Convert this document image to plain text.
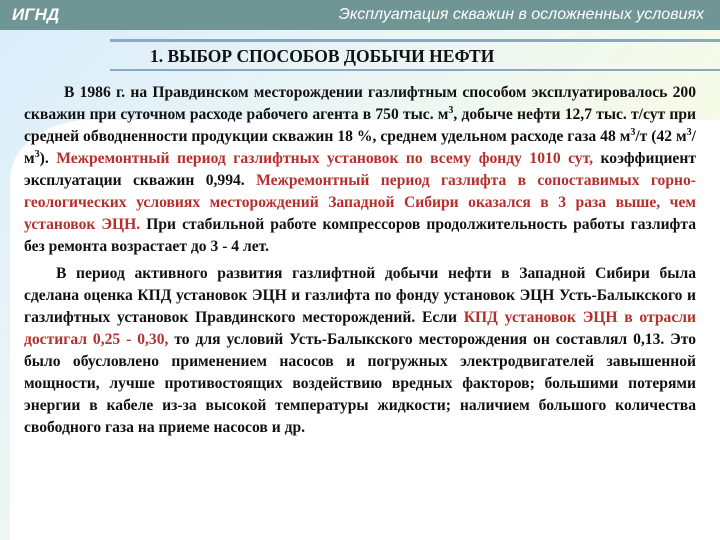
ИГНД	Эксплуатация скважин в осложненных условиях
1. ВЫБОР СПОСОБОВ ДОБЫЧИ НЕФТИ

В 1986 г. на Правдинском месторождении газлифтным способом эксплуатировалось 200 скважин при суточном расходе рабочего агента в 750 тыс. $м^3$, добыче нефти 12,7 тыс. т/сут при средней обводненности продукции скважин 18 %, среднем удельном расходе газа 48 $м^3/т$ (42 $м^3/м^3$). Межремонтный период газлифтных установок по всему фонду 1010 сут, коэффициент эксплуатации скважин 0,994. Межремонтный период газлифта в сопоставимых горно-геологических условиях месторождений Западной Сибири оказался в 3 раза выше, чем установок ЭЦН. При стабильной работе компрессоров продолжительность работы газлифта без ремонта возрастает до 3 - 4 лет.

В период активного развития газлифтной добычи нефти в Западной Сибири была сделана оценка КПД установок ЭЦН и газлифта по фонду установок ЭЦН Усть-Балыкского и газлифтных установок Правдинского месторождений. Если КПД установок ЭЦН в отрасли достигал 0,25 - 0,30, то для условий Усть-Балыкского месторождения он составлял 0,13. Это было обусловлено применением насосов и погружных электродвигателей завышенной мощности, лучше противостоящих воздействию вредных факторов; большими потерями энергии в кабеле из-за высокой температуры жидкости; наличием большого количества свободного газа на приеме насосов и др.
